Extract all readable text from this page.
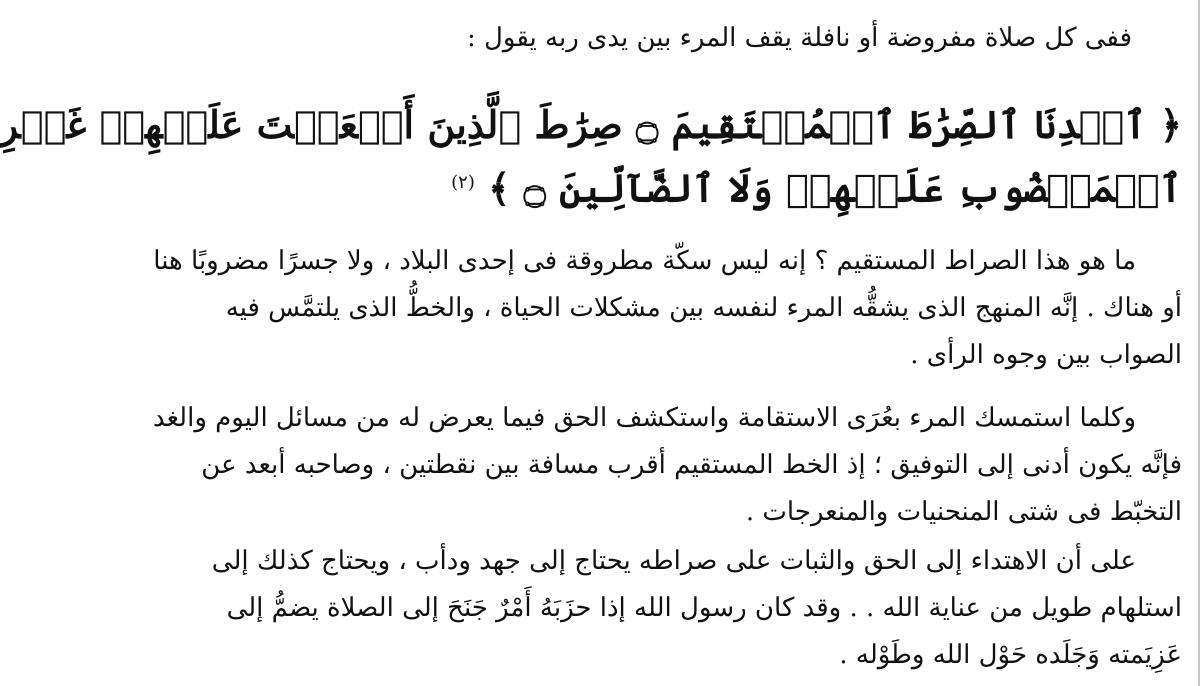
ففى كل صلاة مفروضة أو نافلة يقف المرء بين يدى ربه يقول :
﴿ ٱهۡدِنَا ٱلصِّرَٰطَ ٱلۡمُسۡتَقِيمَ ۝ صِرَٰطَ ٱلَّذِينَ أَنۡعَمۡتَ عَلَيۡهِمۡ غَيۡرِ
ٱلۡمَغۡضُوبِ عَلَيۡهِمۡ وَلَا ٱلضَّآلِّينَ ۝ ﴾ $^{(٢)}$

ما هو هذا الصراط المستقيم ؟ إنه ليس سكّة مطروقة فى إحدى البلاد ، ولا جسرًا مضروبًا هنا أو هناك . إنَّه المنهج الذى يشقُّه المرء لنفسه بين مشكلات الحياة ، والخطُّ الذى يلتمَّس فيه الصواب بين وجوه الرأى .

وكلما استمسك المرء بعُرَى الاستقامة واستكشف الحق فيما يعرض له من مسائل اليوم والغد فإنَّه يكون أدنى إلى التوفيق ؛ إذ الخط المستقيم أقرب مسافة بين نقطتين ، وصاحبه أبعد عن التخبّط فى شتى المنحنيات والمنعرجات .

على أن الاهتداء إلى الحق والثبات على صراطه يحتاج إلى جهد ودأب ، ويحتاج كذلك إلى استلهام طويل من عناية الله . . وقد كان رسول الله إذا حزَبَهُ أَمْرٌ جَنَحَ إلى الصلاة يضمُّ إلى عَزِيَمته وَجَلَده حَوْل الله وطَوْله .
